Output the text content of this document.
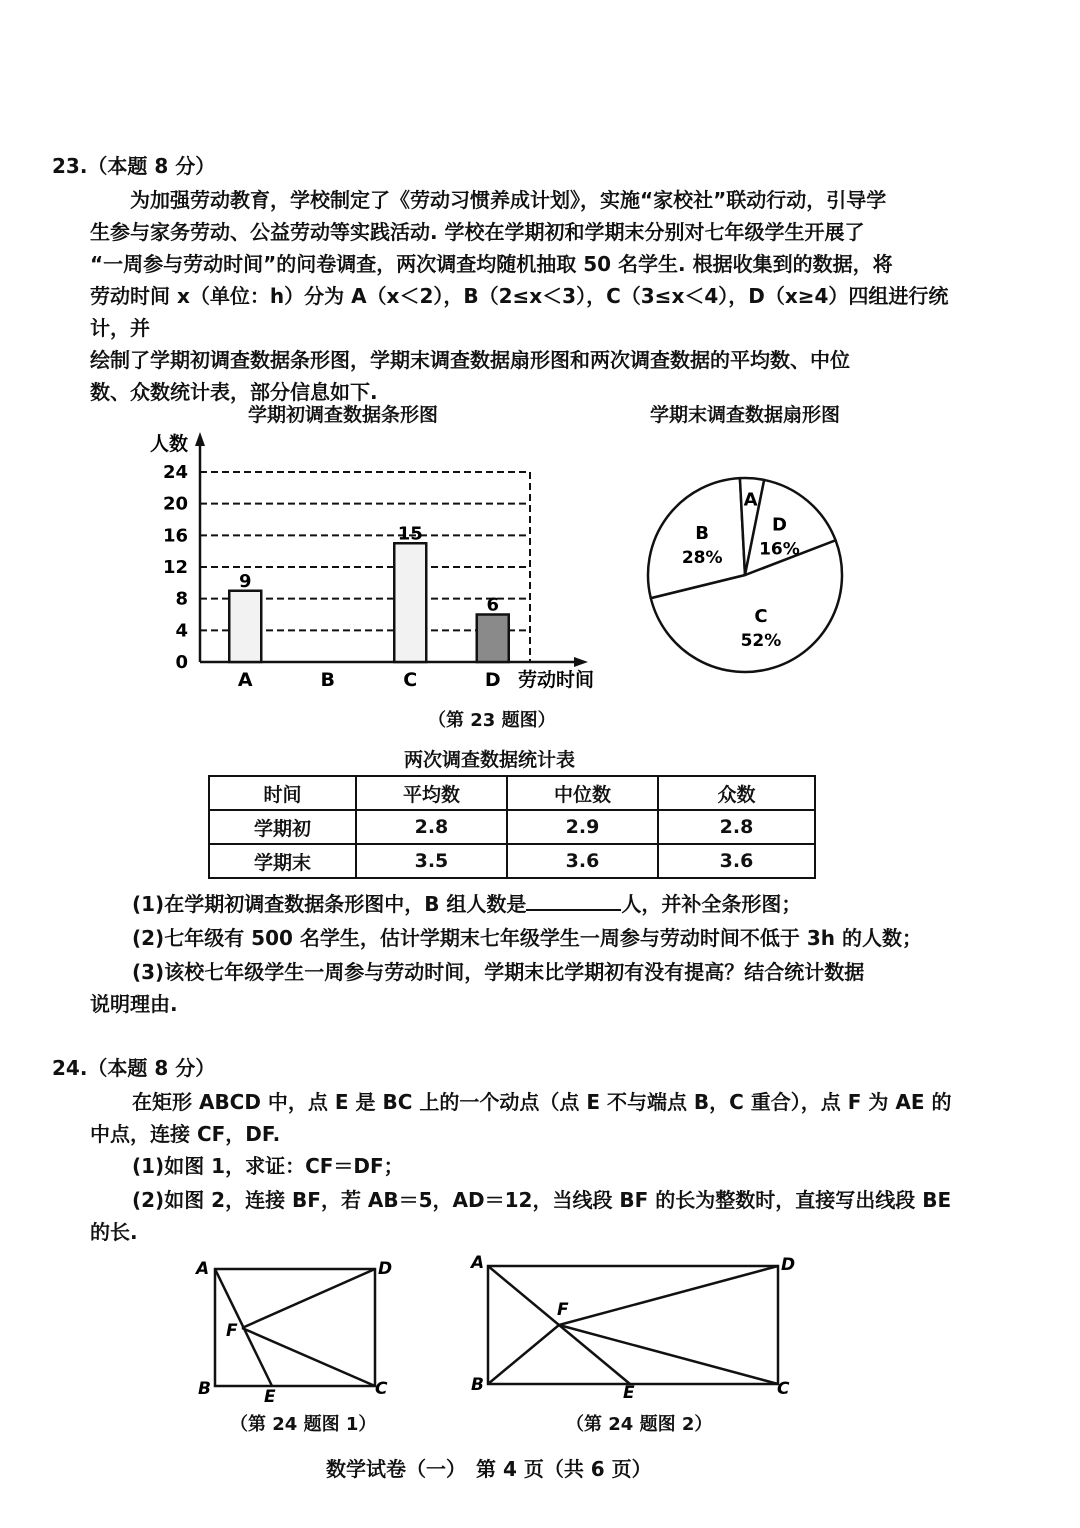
23.（本题 8 分）
为加强劳动教育，学校制定了《劳动习惯养成计划》，实施“家校社”联动行动，引导学
生参与家务劳动、公益劳动等实践活动. 学校在学期初和学期末分别对七年级学生开展了
“一周参与劳动时间”的问卷调查，两次调查均随机抽取 50 名学生. 根据收集到的数据，将
劳动时间 x（单位：h）分为 A（x＜2），B（2≤x＜3），C（3≤x＜4），D（x≥4）四组进行统计，并
绘制了学期初调查数据条形图，学期末调查数据扇形图和两次调查数据的平均数、中位
数、众数统计表，部分信息如下.
学期初调查数据条形图
人数
劳动时间
9
15
6
0
4
8
12
16
20
24
A	B	C	D
学期末调查数据扇形图
C
52%
B
28%
A
D
16%
（第 23 题图）
两次调查数据统计表
时间	平均数	中位数	众数
学期初	2.8	2.9	2.8
学期末	3.5	3.6	3.6
(1)在学期初调查数据条形图中，B 组人数是	人，并补全条形图；
(2)七年级有 500 名学生，估计学期末七年级学生一周参与劳动时间不低于 3h 的人数；
(3)该校七年级学生一周参与劳动时间，学期末比学期初有没有提高？结合统计数据
说明理由.
24.（本题 8 分）
在矩形 ABCD 中，点 E 是 BC 上的一个动点（点 E 不与端点 B，C 重合），点 F 为 AE 的
中点，连接 CF，DF.
(1)如图 1，求证：CF＝DF；
(2)如图 2，连接 BF，若 AB＝5，AD＝12，当线段 BF 的长为整数时，直接写出线段 BE
的长.
A	D
F
B	E	C
（第 24 题图 1）
A	D
F
B	E	C
（第 24 题图 2）
数学试卷（一）　第 4 页（共 6 页）
